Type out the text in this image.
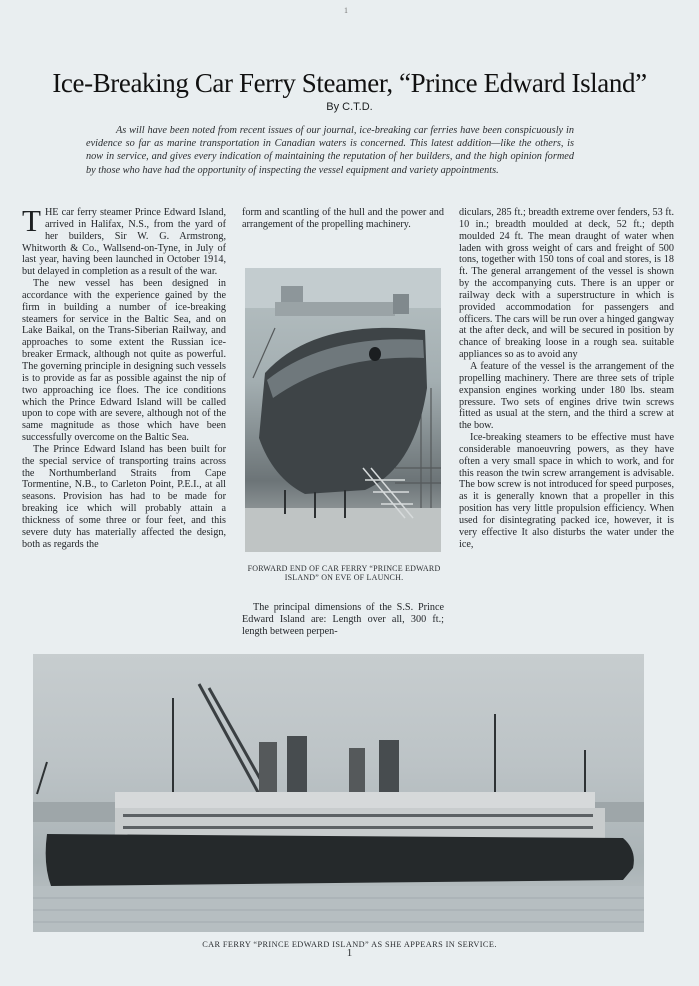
1
Ice-Breaking Car Ferry Steamer, “Prince Edward Island”
By C.T.D.
As will have been noted from recent issues of our journal, ice-breaking car ferries have been conspicuously in evidence so far as marine transportation in Canadian waters is concerned. This latest addition—like the others, is now in service, and gives every indication of maintaining the reputation of her builders, and the high opinion formed by those who have had the opportunity of inspecting the vessel equipment and variety appointments.

THE car ferry steamer Prince Edward Island, arrived in Halifax, N.S., from the yard of her builders, Sir W. G. Armstrong, Whitworth & Co., Wallsend-on-Tyne, in July of last year, having been launched in October 1914, but delayed in completion as a result of the war.

The new vessel has been designed in accordance with the experience gained by the firm in building a number of ice-breaking steamers for service in the Baltic Sea, and on Lake Baikal, on the Trans-Siberian Railway, and approaches to some extent the Russian ice-breaker Ermack, although not quite as powerful. The governing principle in designing such vessels is to provide as far as possible against the nip of two approaching ice floes. The ice conditions which the Prince Edward Island will be called upon to cope with are severe, although not of the same magnitude as those which have been successfully overcome on the Baltic Sea.

The Prince Edward Island has been built for the special service of transporting trains across the Northumberland Straits from Cape Tormentine, N.B., to Carleton Point, P.E.I., at all seasons. Provision has had to be made for breaking ice which will probably attain a thickness of some three or four feet, and this severe duty has materially affected the design, both as regards the

form and scantling of the hull and the power and arrangement of the propelling machinery.

FORWARD END OF CAR FERRY “PRINCE EDWARD ISLAND” ON EVE OF LAUNCH.

The principal dimensions of the S.S. Prince Edward Island are: Length over all, 300 ft.; length between perpen-

diculars, 285 ft.; breadth extreme over fenders, 53 ft. 10 in.; breadth moulded at deck, 52 ft.; depth moulded 24 ft. The mean draught of water when laden with gross weight of cars and freight of 500 tons, together with 150 tons of coal and stores, is 18 ft. The general arrangement of the vessel is shown by the accompanying cuts. There is an upper or railway deck with a superstructure in which is provided accommodation for passengers and officers. The cars will be run over a hinged gangway at the after deck, and will be secured in position by chance of breaking loose in a rough sea. suitable appliances so as to avoid any

A feature of the vessel is the arrangement of the propelling machinery. There are three sets of triple expansion engines working under 180 lbs. steam pressure. Two sets of engines drive twin screws fitted as usual at the stern, and the third a screw at the bow.

Ice-breaking steamers to be effective must have considerable manoeuvring powers, as they have often a very small space in which to work, and for this reason the twin screw arrangement is advisable. The bow screw is not introduced for speed purposes, as it is generally known that a propeller in this position has very little propulsion efficiency. When used for disintegrating packed ice, however, it is very effective It also disturbs the water under the ice,

CAR FERRY “PRINCE EDWARD ISLAND” AS SHE APPEARS IN SERVICE.
1
